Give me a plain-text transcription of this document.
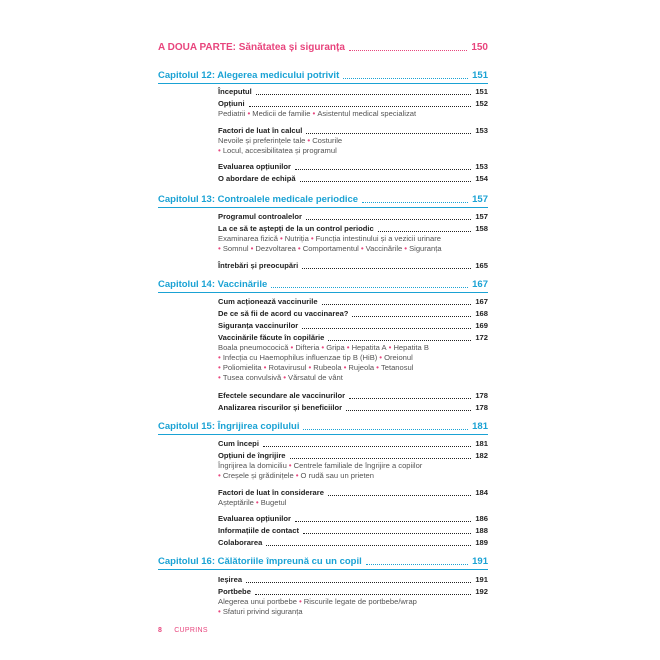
A DOUA PARTE: Sănătatea și siguranța	150
Capitolul 12: Alegerea medicului potrivit	151
Începutul	151
Opțiuni	152
Pediatrii • Medicii de familie • Asistentul medical specializat
Factori de luat în calcul	153
Nevoile și preferințele tale • Costurile
• Locul, accesibilitatea și programul
Evaluarea opțiunilor	153
O abordare de echipă	154
Capitolul 13: Controalele medicale periodice	157
Programul controalelor	157
La ce să te aștepți de la un control periodic	158
Examinarea fizică • Nutriția • Funcția intestinului și a vezicii urinare
• Somnul • Dezvoltarea • Comportamentul • Vaccinările • Siguranța
Întrebări și preocupări	165
Capitolul 14: Vaccinările	167
Cum acționează vaccinurile	167
De ce să fii de acord cu vaccinarea?	168
Siguranța vaccinurilor	169
Vaccinările făcute în copilărie	172
Boala pneumococică • Difteria • Gripa • Hepatita A • Hepatita B
• Infecția cu Haemophilus influenzae tip B (HiB) • Oreionul
• Poliomielita • Rotavirusul • Rubeola • Rujeola • Tetanosul
• Tusea convulsivă • Vărsatul de vânt
Efectele secundare ale vaccinurilor	178
Analizarea riscurilor și beneficiilor	178
Capitolul 15: Îngrijirea copilului	181
Cum începi	181
Opțiuni de îngrijire	182
Îngrijirea la domiciliu • Centrele familiale de îngrijire a copiilor
• Creșele și grădinițele • O rudă sau un prieten
Factori de luat în considerare	184
Așteptările • Bugetul
Evaluarea opțiunilor	186
Informațiile de contact	188
Colaborarea	189
Capitolul 16: Călătoriile împreună cu un copil	191
Ieșirea	191
Portbebe	192
Alegerea unui portbebe • Riscurile legate de portbebe/wrap
• Sfaturi privind siguranța
8 CUPRINS
